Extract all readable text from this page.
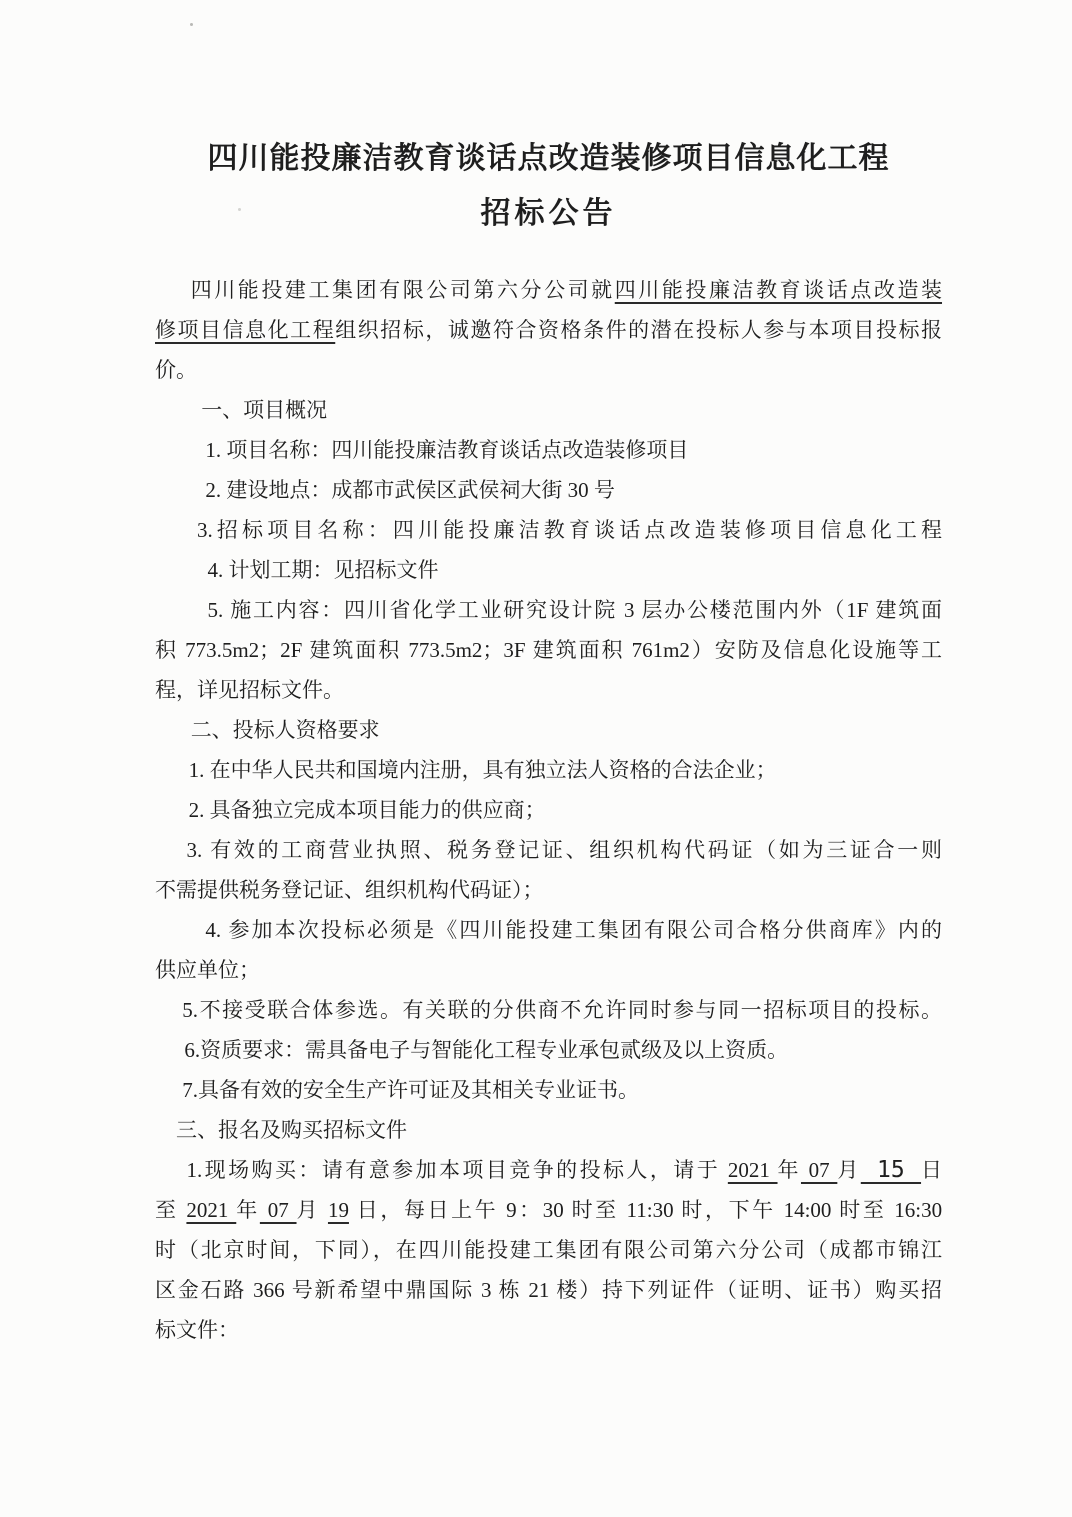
四川能投廉洁教育谈话点改造装修项目信息化工程
招标公告
四川能投建工集团有限公司第六分公司就四川能投廉洁教育谈话点改造装
修项目信息化工程组织招标，诚邀符合资格条件的潜在投标人参与本项目投标报
价。
一、项目概况
1. 项目名称：四川能投廉洁教育谈话点改造装修项目
2. 建设地点：成都市武侯区武侯祠大街 30 号
3.招标项目名称：四川能投廉洁教育谈话点改造装修项目信息化工程
4. 计划工期：见招标文件
5. 施工内容：四川省化学工业研究设计院 3 层办公楼范围内外（1F 建筑面
积 773.5m2；2F 建筑面积 773.5m2；3F 建筑面积 761m2）安防及信息化设施等工
程，详见招标文件。
二、投标人资格要求
1. 在中华人民共和国境内注册，具有独立法人资格的合法企业；
2. 具备独立完成本项目能力的供应商；
3. 有效的工商营业执照、税务登记证、组织机构代码证（如为三证合一则
不需提供税务登记证、组织机构代码证）；
4. 参加本次投标必须是《四川能投建工集团有限公司合格分供商库》内的
供应单位；
5.不接受联合体参选。有关联的分供商不允许同时参与同一招标项目的投标。
6.资质要求：需具备电子与智能化工程专业承包贰级及以上资质。
7.具备有效的安全生产许可证及其相关专业证书。
三、报名及购买招标文件
1.现场购买：请有意参加本项目竞争的投标人，请于 2021 年 07 月 15 日
至 2021 年 07 月 19 日，每日上午 9：30 时至 11:30 时，下午 14:00 时至 16:30
时（北京时间，下同），在四川能投建工集团有限公司第六分公司（成都市锦江
区金石路 366 号新希望中鼎国际 3 栋 21 楼）持下列证件（证明、证书）购买招
标文件：
